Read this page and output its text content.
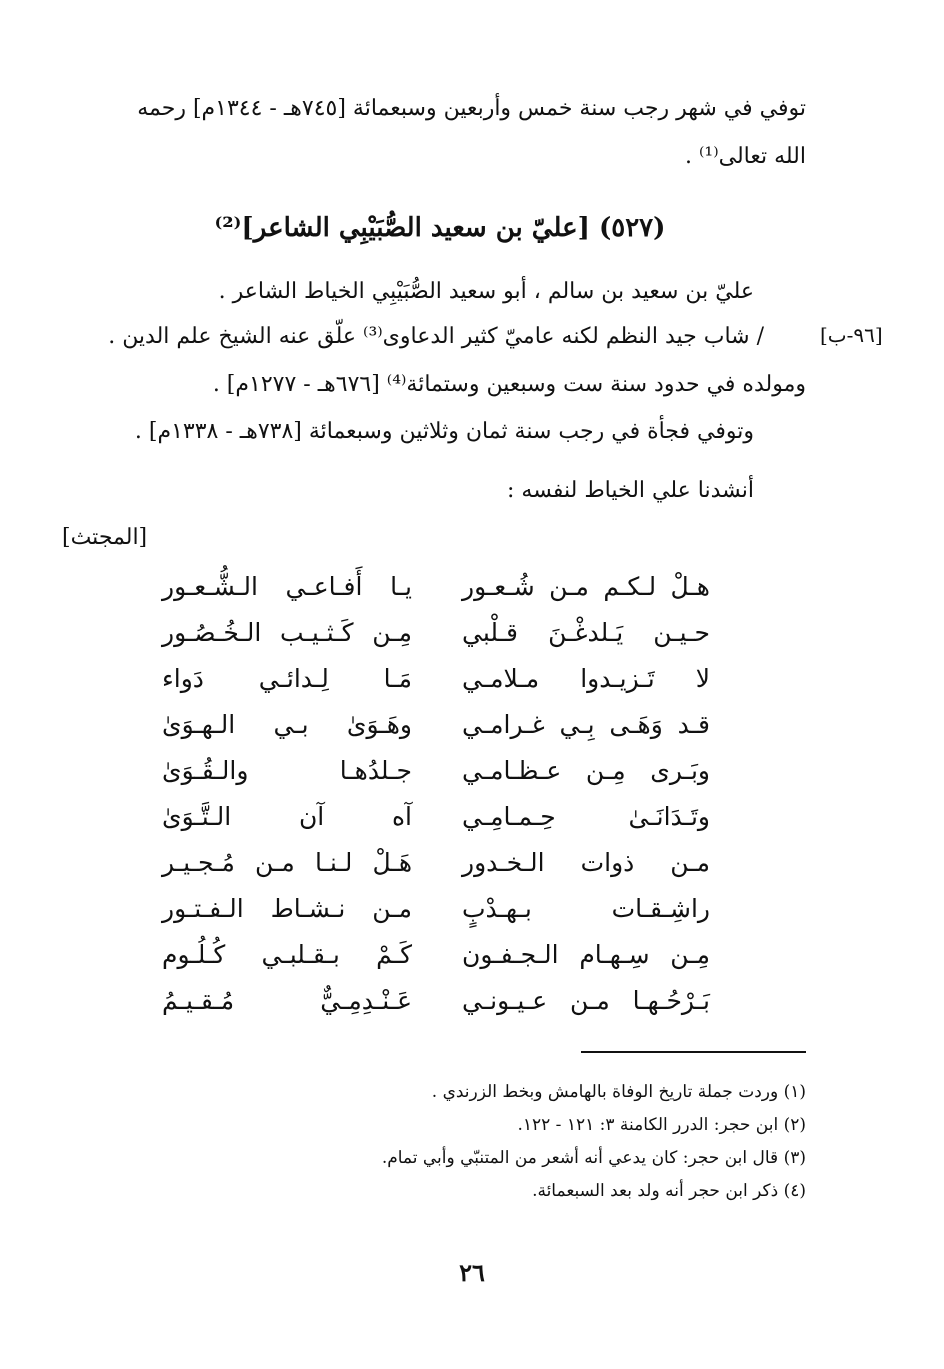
توفي في شهر رجب سنة خمس وأربعين وسبعمائة [٧٤٥هـ - ١٣٤٤م] رحمه
الله تعالى⁽¹⁾ .
(٥٢٧) [عليّ بن سعيد الصُّبَيْبِي الشاعر]⁽²⁾
عليّ بن سعيد بن سالم ، أبو سعيد الصُّبَيْبِي الخياط الشاعر .
[٩٦-ب]
/ شاب جيد النظم لكنه عاميّ كثير الدعاوى⁽³⁾ علّق عنه الشيخ علم الدين .
ومولده في حدود سنة ست وسبعين وستمائة⁽⁴⁾ [٦٧٦هـ - ١٢٧٧م] .
وتوفي فجأة في رجب سنة ثمان وثلاثين وسبعمائة [٧٣٨هـ - ١٣٣٨م] .
أنشدنا علي الخياط لنفسه :
[المجتث]
هـلْ لـكـم مـن شُـعـور
يـا أَفـاعـي الـشُّـعـور
حـيـن يَـلدغْـنَ قـلْبي
مِـن كَـثـيـب الـخُـصُـور
لا تَـزيـدوا مـلامـي
مَـا لِـدائـي دَواء
قـد وَهَـى بِـي غـرامـي
وهَـوَىٰ بـي الـهـوَىٰ
وبَـرى مِـن عـظـامـي
جـلدُهـا والـقُـوَىٰ
وتَـدَانَـىٰ حِـمـامِـي
آه آن الـتَّـوَىٰ
مـن ذوات الـخـدور
هَـلْ لـنـا مـن مُـجـيـر
راشِـقـات بـهـدْبٍ
مـن نـشـاط الـفـتـور
مِـن سِـهـام الـجـفـون
كَـمْ بـقـلبـي كُـلُـوم
بَـرْحُـهـا مـن عـيـونـي
عَـنْـدِمِـيٌّ مُـقـيـمُ
(١) وردت جملة تاريخ الوفاة بالهامش وبخط الزرندي .
(٢) ابن حجر: الدرر الكامنة ٣: ١٢١ - ١٢٢.
(٣) قال ابن حجر: كان يدعي أنه أشعر من المتنبّي وأبي تمام.
(٤) ذكر ابن حجر أنه ولد بعد السبعمائة.
٢٦
